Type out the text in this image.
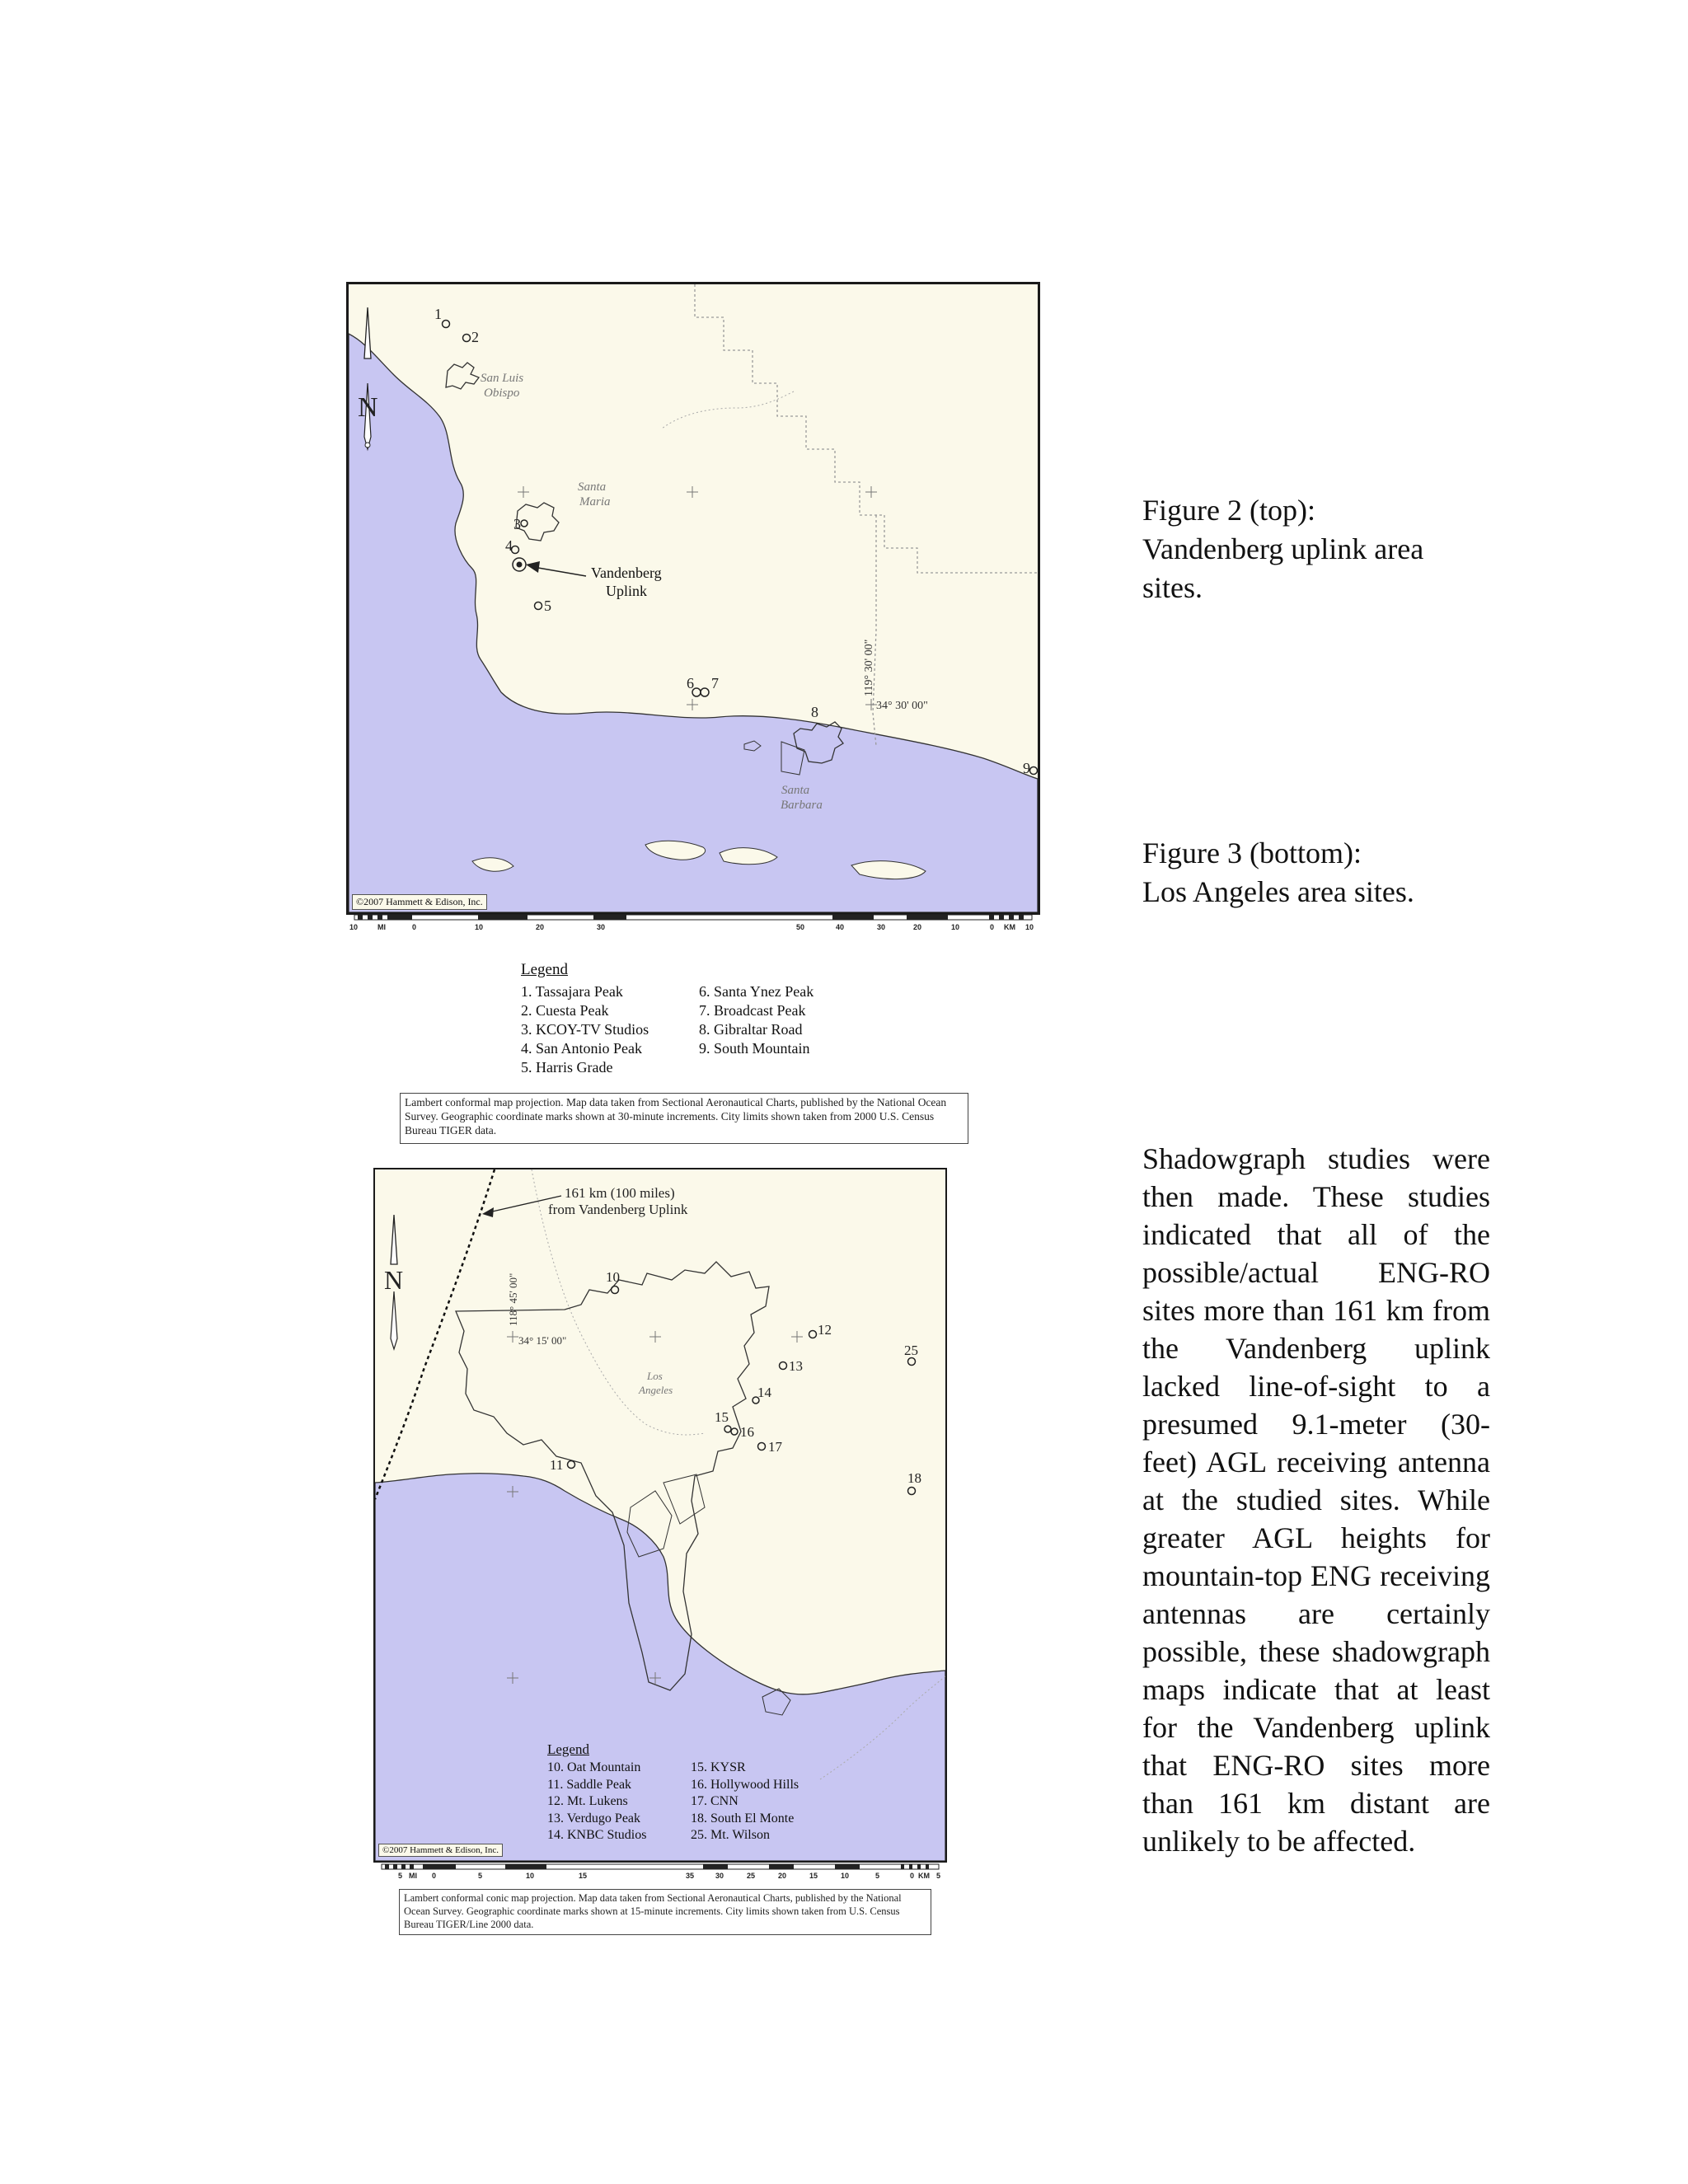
N
1
2
3
4
5
6 7
8
9
San Luis
Obispo
Santa
Maria
Santa
Barbara
Vandenberg
Uplink
119° 30' 00"
34° 30' 00"
©2007 Hammett & Edison, Inc.
10	MI	0	10	20	30	50	40	30	20	10	0 KM 10
Legend
1. Tassajara Peak
2. Cuesta Peak
3. KCOY-TV Studios
4. San Antonio Peak
5. Harris Grade
6. Santa Ynez Peak
7. Broadcast Peak
8. Gibraltar Road
9. South Mountain
Lambert conformal map projection. Map data taken from Sectional Aeronautical Charts, published by the National Ocean Survey. Geographic coordinate marks shown at 30-minute increments. City limits shown taken from 2000 U.S. Census Bureau TIGER data.
N
161 km (100 miles)
from Vandenberg Uplink
118° 45' 00"
34° 15' 00"
Los
Angeles
10
11
12
13
14
15
16
17
18
25
Legend
10. Oat Mountain
11. Saddle Peak
12. Mt. Lukens
13. Verdugo Peak
14. KNBC Studios
15. KYSR
16. Hollywood Hills
17. CNN
18. South El Monte
25. Mt. Wilson
©2007 Hammett & Edison, Inc.
5 MI 0	5	10	15	35	30	25	20	15	10	5	0 KM 5
Lambert conformal conic map projection. Map data taken from Sectional Aeronautical Charts, published by the National Ocean Survey. Geographic coordinate marks shown at 15-minute increments. City limits shown taken from U.S. Census Bureau TIGER/Line 2000 data.
Figure 2 (top):
Vandenberg uplink area
sites.
Figure 3 (bottom):
Los Angeles area sites.
Shadowgraph studies were then made. These studies indicated that all of the possible/actual ENG-RO sites more than 161 km from the Vandenberg uplink lacked line-of-sight to a presumed 9.1-meter (30-feet) AGL receiving antenna at the studied sites. While greater AGL heights for mountain-top ENG receiving antennas are certainly possible, these shadowgraph maps indicate that at least for the Vandenberg uplink that ENG-RO sites more than 161 km distant are unlikely to be affected.
